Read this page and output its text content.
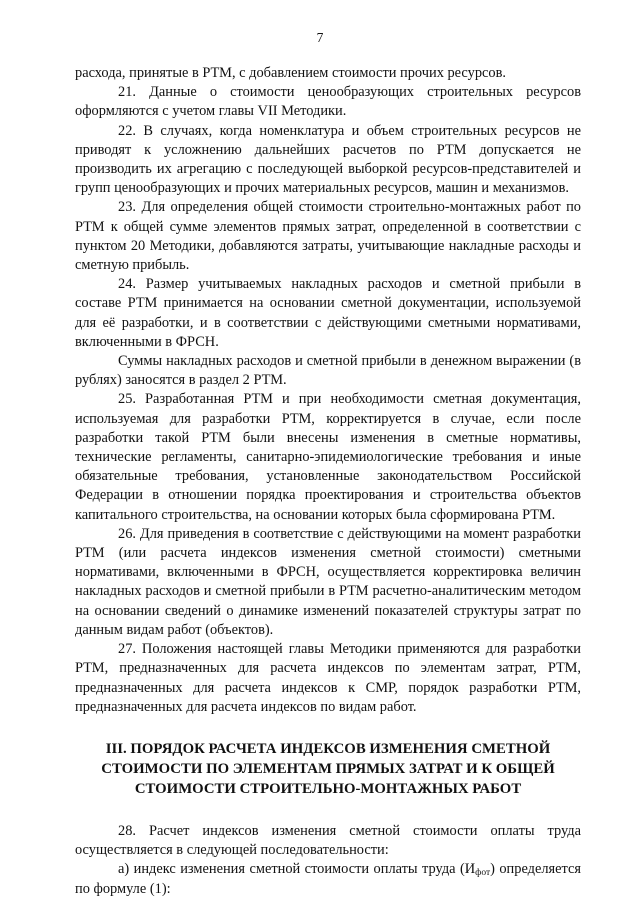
7

расхода, принятые в РТМ, с добавлением стоимости прочих ресурсов.

21. Данные о стоимости ценообразующих строительных ресурсов оформляются с учетом главы VII Методики.

22. В случаях, когда номенклатура и объем строительных ресурсов не приводят к усложнению дальнейших расчетов по РТМ допускается не производить их агрегацию с последующей выборкой ресурсов-представителей и групп ценообразующих и прочих материальных ресурсов, машин и механизмов.

23. Для определения общей стоимости строительно-монтажных работ по РТМ к общей сумме элементов прямых затрат, определенной в соответствии с пунктом 20 Методики, добавляются затраты, учитывающие накладные расходы и сметную прибыль.

24. Размер учитываемых накладных расходов и сметной прибыли в составе РТМ принимается на основании сметной документации, используемой для её разработки, и в соответствии с действующими сметными нормативами, включенными в ФРСН.

Суммы накладных расходов и сметной прибыли в денежном выражении (в рублях) заносятся в раздел 2 РТМ.

25. Разработанная РТМ и при необходимости сметная документация, используемая для разработки РТМ, корректируется в случае, если после разработки такой РТМ были внесены изменения в сметные нормативы, технические регламенты, санитарно-эпидемиологические требования и иные обязательные требования, установленные законодательством Российской Федерации в отношении порядка проектирования и строительства объектов капитального строительства, на основании которых была сформирована РТМ.

26. Для приведения в соответствие с действующими на момент разработки РТМ (или расчета индексов изменения сметной стоимости) сметными нормативами, включенными в ФРСН, осуществляется корректировка величин накладных расходов и сметной прибыли в РТМ расчетно-аналитическим методом на основании сведений о динамике изменений показателей структуры затрат по данным видам работ (объектов).

27. Положения настоящей главы Методики применяются для разработки РТМ, предназначенных для расчета индексов по элементам затрат, РТМ, предназначенных для расчета индексов к СМР, порядок разработки РТМ, предназначенных для расчета индексов по видам работ.

III. ПОРЯДОК РАСЧЕТА ИНДЕКСОВ ИЗМЕНЕНИЯ СМЕТНОЙ СТОИМОСТИ ПО ЭЛЕМЕНТАМ ПРЯМЫХ ЗАТРАТ И К ОБЩЕЙ СТОИМОСТИ СТРОИТЕЛЬНО-МОНТАЖНЫХ РАБОТ

28. Расчет индексов изменения сметной стоимости оплаты труда осуществляется в следующей последовательности:

а) индекс изменения сметной стоимости оплаты труда $(И_{фот})$ определяется по формуле (1):
